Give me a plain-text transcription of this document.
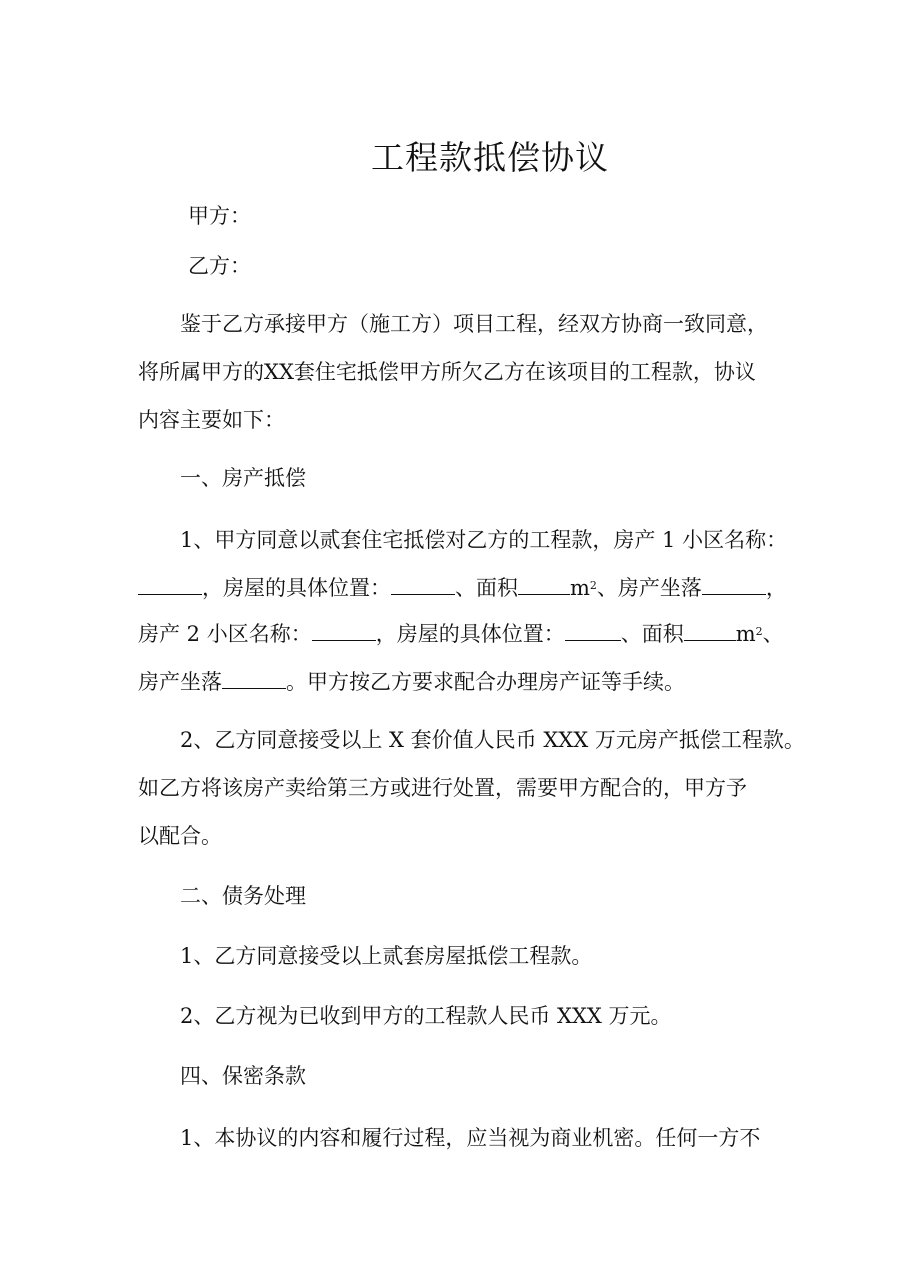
工程款抵偿协议
甲方：
乙方：
鉴于乙方承接甲方（施工方）项目工程，经双方协商一致同意，
将所属甲方的XX套住宅抵偿甲方所欠乙方在该项目的工程款，协议
内容主要如下：
一、房产抵偿
1、甲方同意以贰套住宅抵偿对乙方的工程款，房产 1 小区名称：
，房屋的具体位置：	、面积 $m^2$、房产坐落	，
房产 2 小区名称：	，房屋的具体位置：	、面积 $m^2$、
房产坐落	。甲方按乙方要求配合办理房产证等手续。
2、乙方同意接受以上 X 套价值人民币 XXX 万元房产抵偿工程款。
如乙方将该房产卖给第三方或进行处置，需要甲方配合的，甲方予
以配合。
二、债务处理
1、乙方同意接受以上贰套房屋抵偿工程款。
2、乙方视为已收到甲方的工程款人民币 XXX 万元。
四、保密条款
1、本协议的内容和履行过程，应当视为商业机密。任何一方不
